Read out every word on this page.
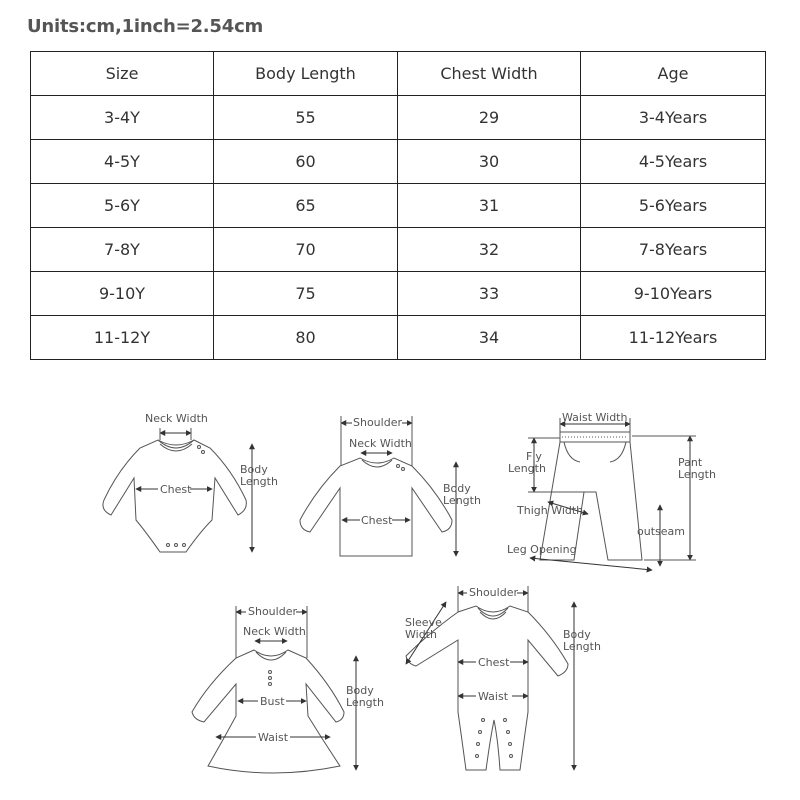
Units:cm,1inch=2.54cm
Size	Body Length	Chest Width	Age
3-4Y	55	29	3-4Years
4-5Y	60	30	4-5Years
5-6Y	65	31	5-6Years
7-8Y	70	32	7-8Years
9-10Y	75	33	9-10Years
11-12Y	80	34	11-12Years
Neck Width
Chest
Body
Length
Shoulder
Neck Width
Chest
Body
Length
Waist Width
Fly
Length	Pant
Length
Thigh Width
outseam
Leg Opening
Shoulder
Neck Width
Bust
Waist
Body
Length
Shoulder
Sleeve
Width
Chest
Waist
Body
Length
